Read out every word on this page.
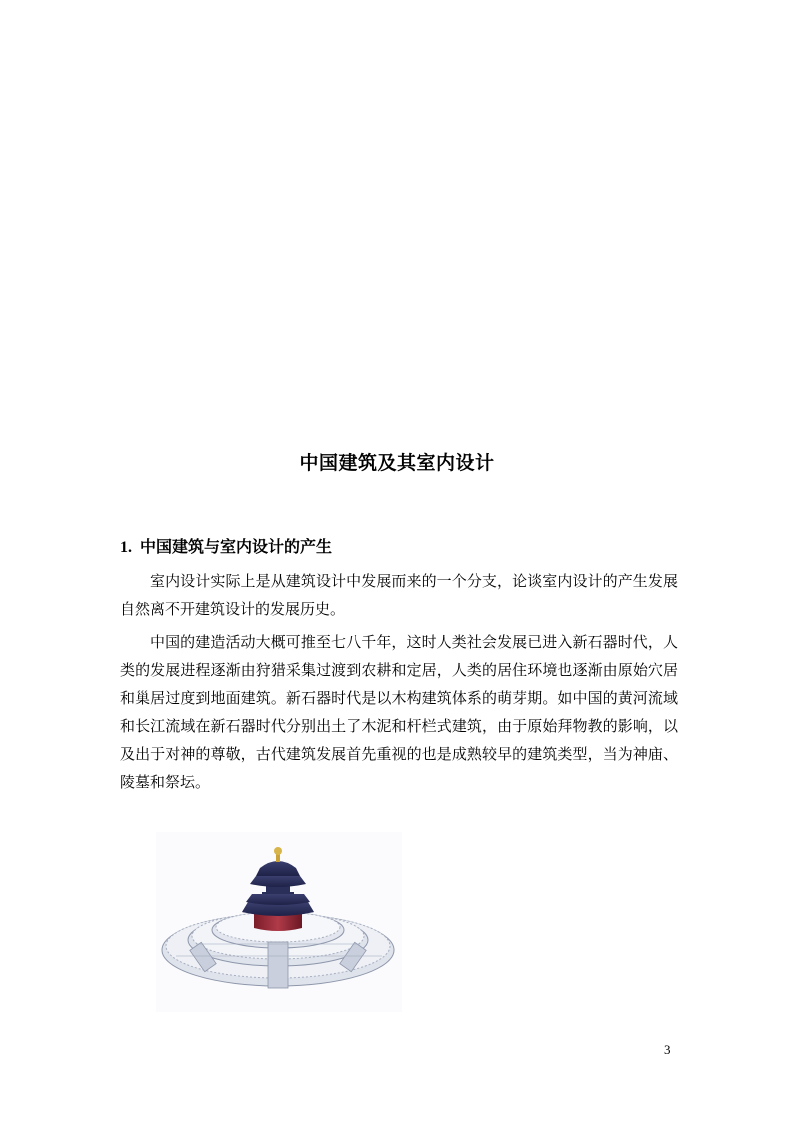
中国建筑及其室内设计
1. 中国建筑与室内设计的产生

室内设计实际上是从建筑设计中发展而来的一个分支，论谈室内设计的产生发展自然离不开建筑设计的发展历史。

中国的建造活动大概可推至七八千年，这时人类社会发展已进入新石器时代，人类的发展进程逐渐由狩猎采集过渡到农耕和定居，人类的居住环境也逐渐由原始穴居和巢居过度到地面建筑。新石器时代是以木构建筑体系的萌芽期。如中国的黄河流域和长江流域在新石器时代分别出土了木泥和杆栏式建筑，由于原始拜物教的影响，以及出于对神的尊敬，古代建筑发展首先重视的也是成熟较早的建筑类型，当为神庙、陵墓和祭坛。

3
